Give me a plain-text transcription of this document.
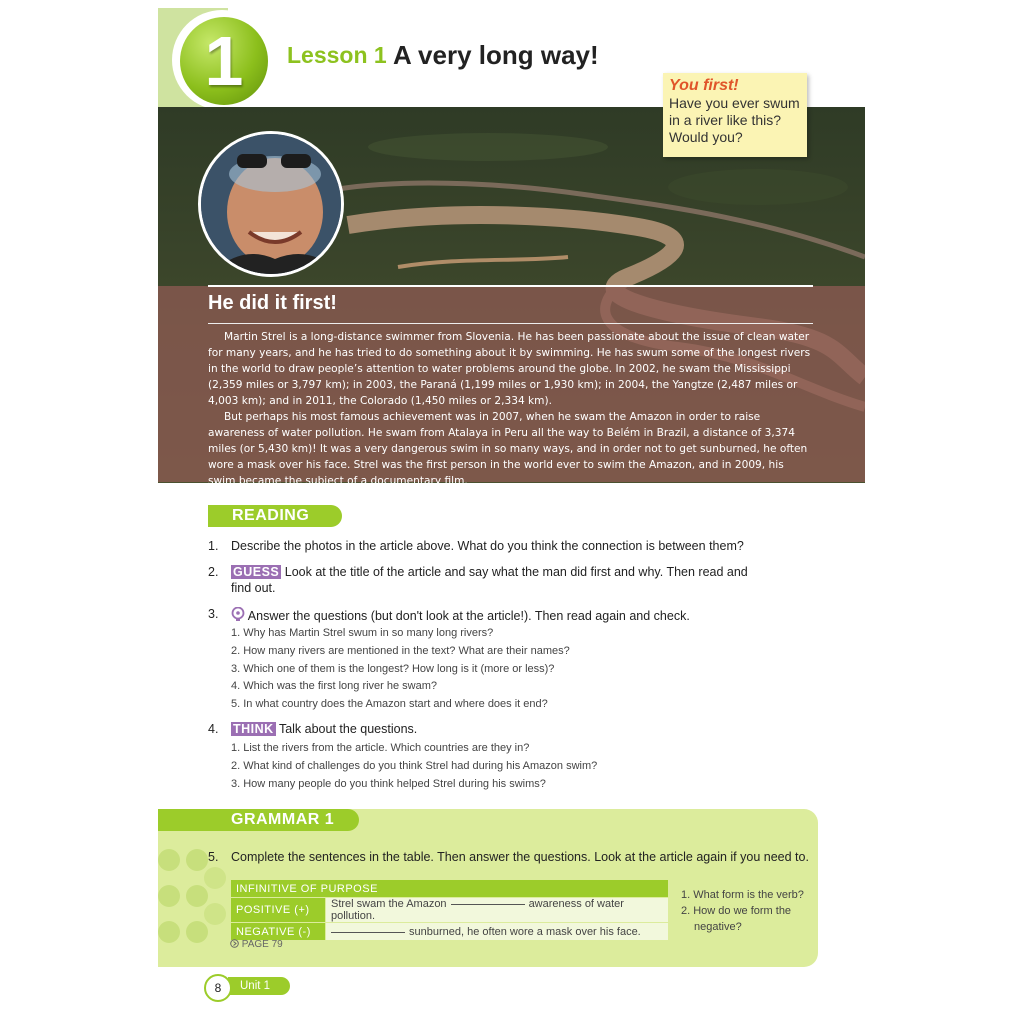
1	Lesson 1 A very long way!
You first!
Have you ever swum in a river like this? Would you?
He did it first!

Martin Strel is a long-distance swimmer from Slovenia. He has been passionate about the issue of clean water for many years, and he has tried to do something about it by swimming. He has swum some of the longest rivers in the world to draw people’s attention to water problems around the globe. In 2002, he swam the Mississippi (2,359 miles or 3,797 km); in 2003, the Paraná (1,199 miles or 1,930 km); in 2004, the Yangtze (2,487 miles or 4,003 km); and in 2011, the Colorado (1,450 miles or 2,334 km).

But perhaps his most famous achievement was in 2007, when he swam the Amazon in order to raise awareness of water pollution. He swam from Atalaya in Peru all the way to Belém in Brazil, a distance of 3,374 miles (or 5,430 km)! It was a very dangerous swim in so many ways, and in order not to get sunburned, he often wore a mask over his face. Strel was the first person in the world ever to swim the Amazon, and in 2009, his swim became the subject of a documentary film.

READING
1. Describe the photos in the article above. What do you think the connection is between them?
2. GUESS Look at the title of the article and say what the man did first and why. Then read and
find out.
3.	Answer the questions (but don't look at the article!). Then read again and check.
1. Why has Martin Strel swum in so many long rivers?
2. How many rivers are mentioned in the text? What are their names?
3. Which one of them is the longest? How long is it (more or less)?
4. Which was the first long river he swam?
5. In what country does the Amazon start and where does it end?
4. THINK Talk about the questions.
1. List the rivers from the article. Which countries are they in?
2. What kind of challenges do you think Strel had during his Amazon swim?
3. How many people do you think helped Strel during his swims?
GRAMMAR 1
5. Complete the sentences in the table. Then answer the questions. Look at the article again if you need to.
INFINITIVE OF PURPOSE	
POSITIVE (+)	Strel swam the Amazon awareness of water pollution.
NEGATIVE (-)	sunburned, he often wore a mask over his face.
1. What form is the verb?
2. How do we form the
negative?
PAGE 79
Unit 1
8
